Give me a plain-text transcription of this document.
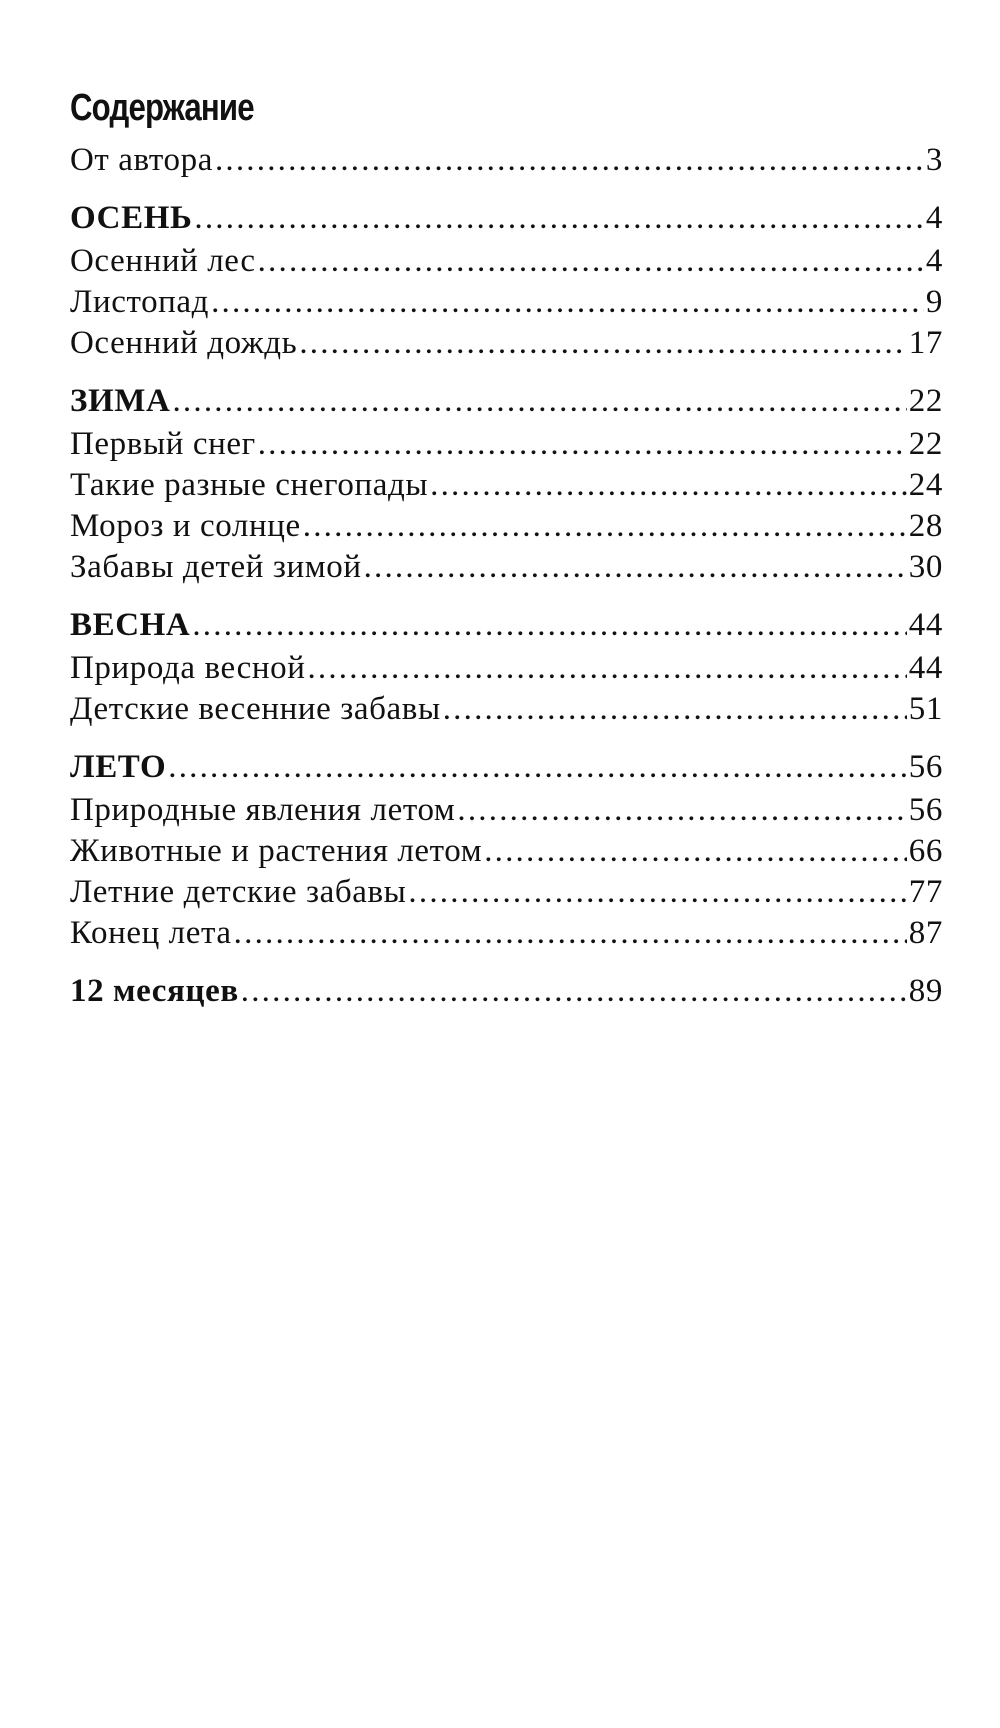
Содержание
От автора .....	3
ОСЕНЬ .....	4
Осенний лес .....	4
Листопад .....	9
Осенний дождь .....	17
ЗИМА .....	22
Первый снег .....	22
Такие разные снегопады .....	24
Мороз и солнце .....	28
Забавы детей зимой .....	30
ВЕСНА .....	44
Природа весной .....	44
Детские весенние забавы .....	51
ЛЕТО .....	56
Природные явления летом .....	56
Животные и растения летом .....	66
Летние детские забавы .....	77
Конец лета .....	87
12 месяцев .....	89
